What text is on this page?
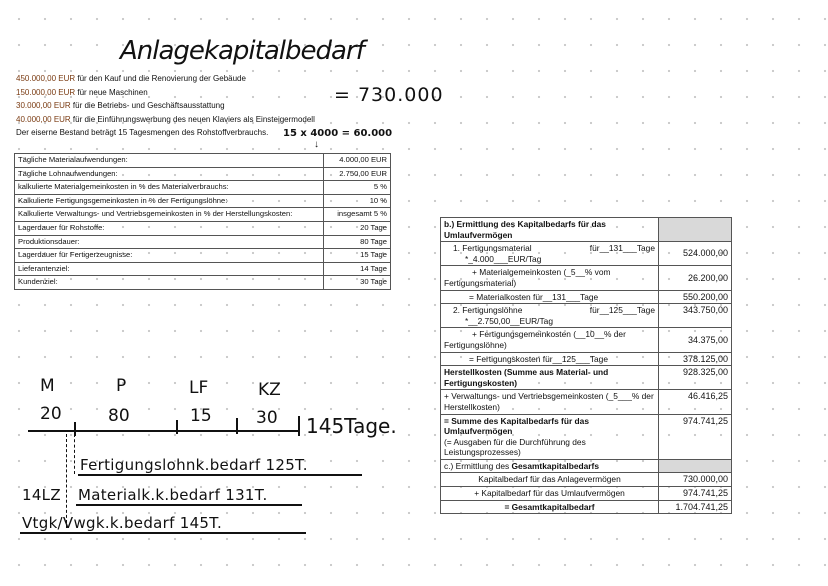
Anlagekapitalbedarf
= 730.000
450.000,00 EUR für den Kauf und die Renovierung der Gebäude
150.000,00 EUR für neue Maschinen
30.000,00 EUR für die Betriebs- und Geschäftsausstattung
40.000,00 EUR für die Einführungswerbung des neuen Klaviers als Einsteigermodell
Der eiserne Bestand beträgt 15 Tagesmengen des Rohstoffverbrauchs.	15 x 4000 = 60.000
↓
Tägliche Materialaufwendungen:	4.000,00 EUR
Tägliche Lohnaufwendungen:	2.750,00 EUR
kalkulierte Materialgemeinkosten in % des Materialverbrauchs:	5 %
Kalkulierte Fertigungsgemeinkosten in % der Fertigungslöhne:	10 %
Kalkulierte Verwaltungs- und Vertriebsgemeinkosten in % der Herstellungskosten:	insgesamt 5 %
Lagerdauer für Rohstoffe:	20 Tage
Produktionsdauer:	80 Tage
Lagerdauer für Fertigerzeugnisse:	15 Tage
Lieferantenziel:	14 Tage
Kundenziel:	30 Tage
b.) Ermittlung des Kapitalbedarfs für das Umlaufvermögen	

1. Fertigungsmaterial für__131___Tage
*_4.000___EUR/Tag	524.000,00

+ Materialgemeinkosten (_5__% vom
Fertigungsmaterial)	26.200,00
= Materialkosten für__131___Tage	550.200,00

2. Fertigungslöhne für__125___Tage
*__2.750,00__EUR/Tag	343.750,00

+ Fertigungsgemeinkosten (__10__% der
Fertigungslöhne)	34.375,00
= Fertigungskosten für__125___Tage	378.125,00
Herstellkosten (Summe aus Material- und Fertigungskosten)	928.325,00
+ Verwaltungs- und Vertriebsgemeinkosten (_5___% der Herstellkosten)	46.416,25

= Summe des Kapitalbedarfs für das Umlaufvermögen
(= Ausgaben für die Durchführung des Leistungsprozesses)	974.741,25
c.) Ermittlung des Gesamtkapitalbedarfs	
Kapitalbedarf für das Anlagevermögen	730.000,00
+ Kapitalbedarf für das Umlaufvermögen	974.741,25
= Gesamtkapitalbedarf	1.704.741,25
M	P	LF	KZ
20	80	15	30 145Tage.
Fertigungslohnk.bedarf 125T.
14LZ Materialk.k.bedarf 131T.
Vtgk/Vwgk.k.bedarf 145T.
